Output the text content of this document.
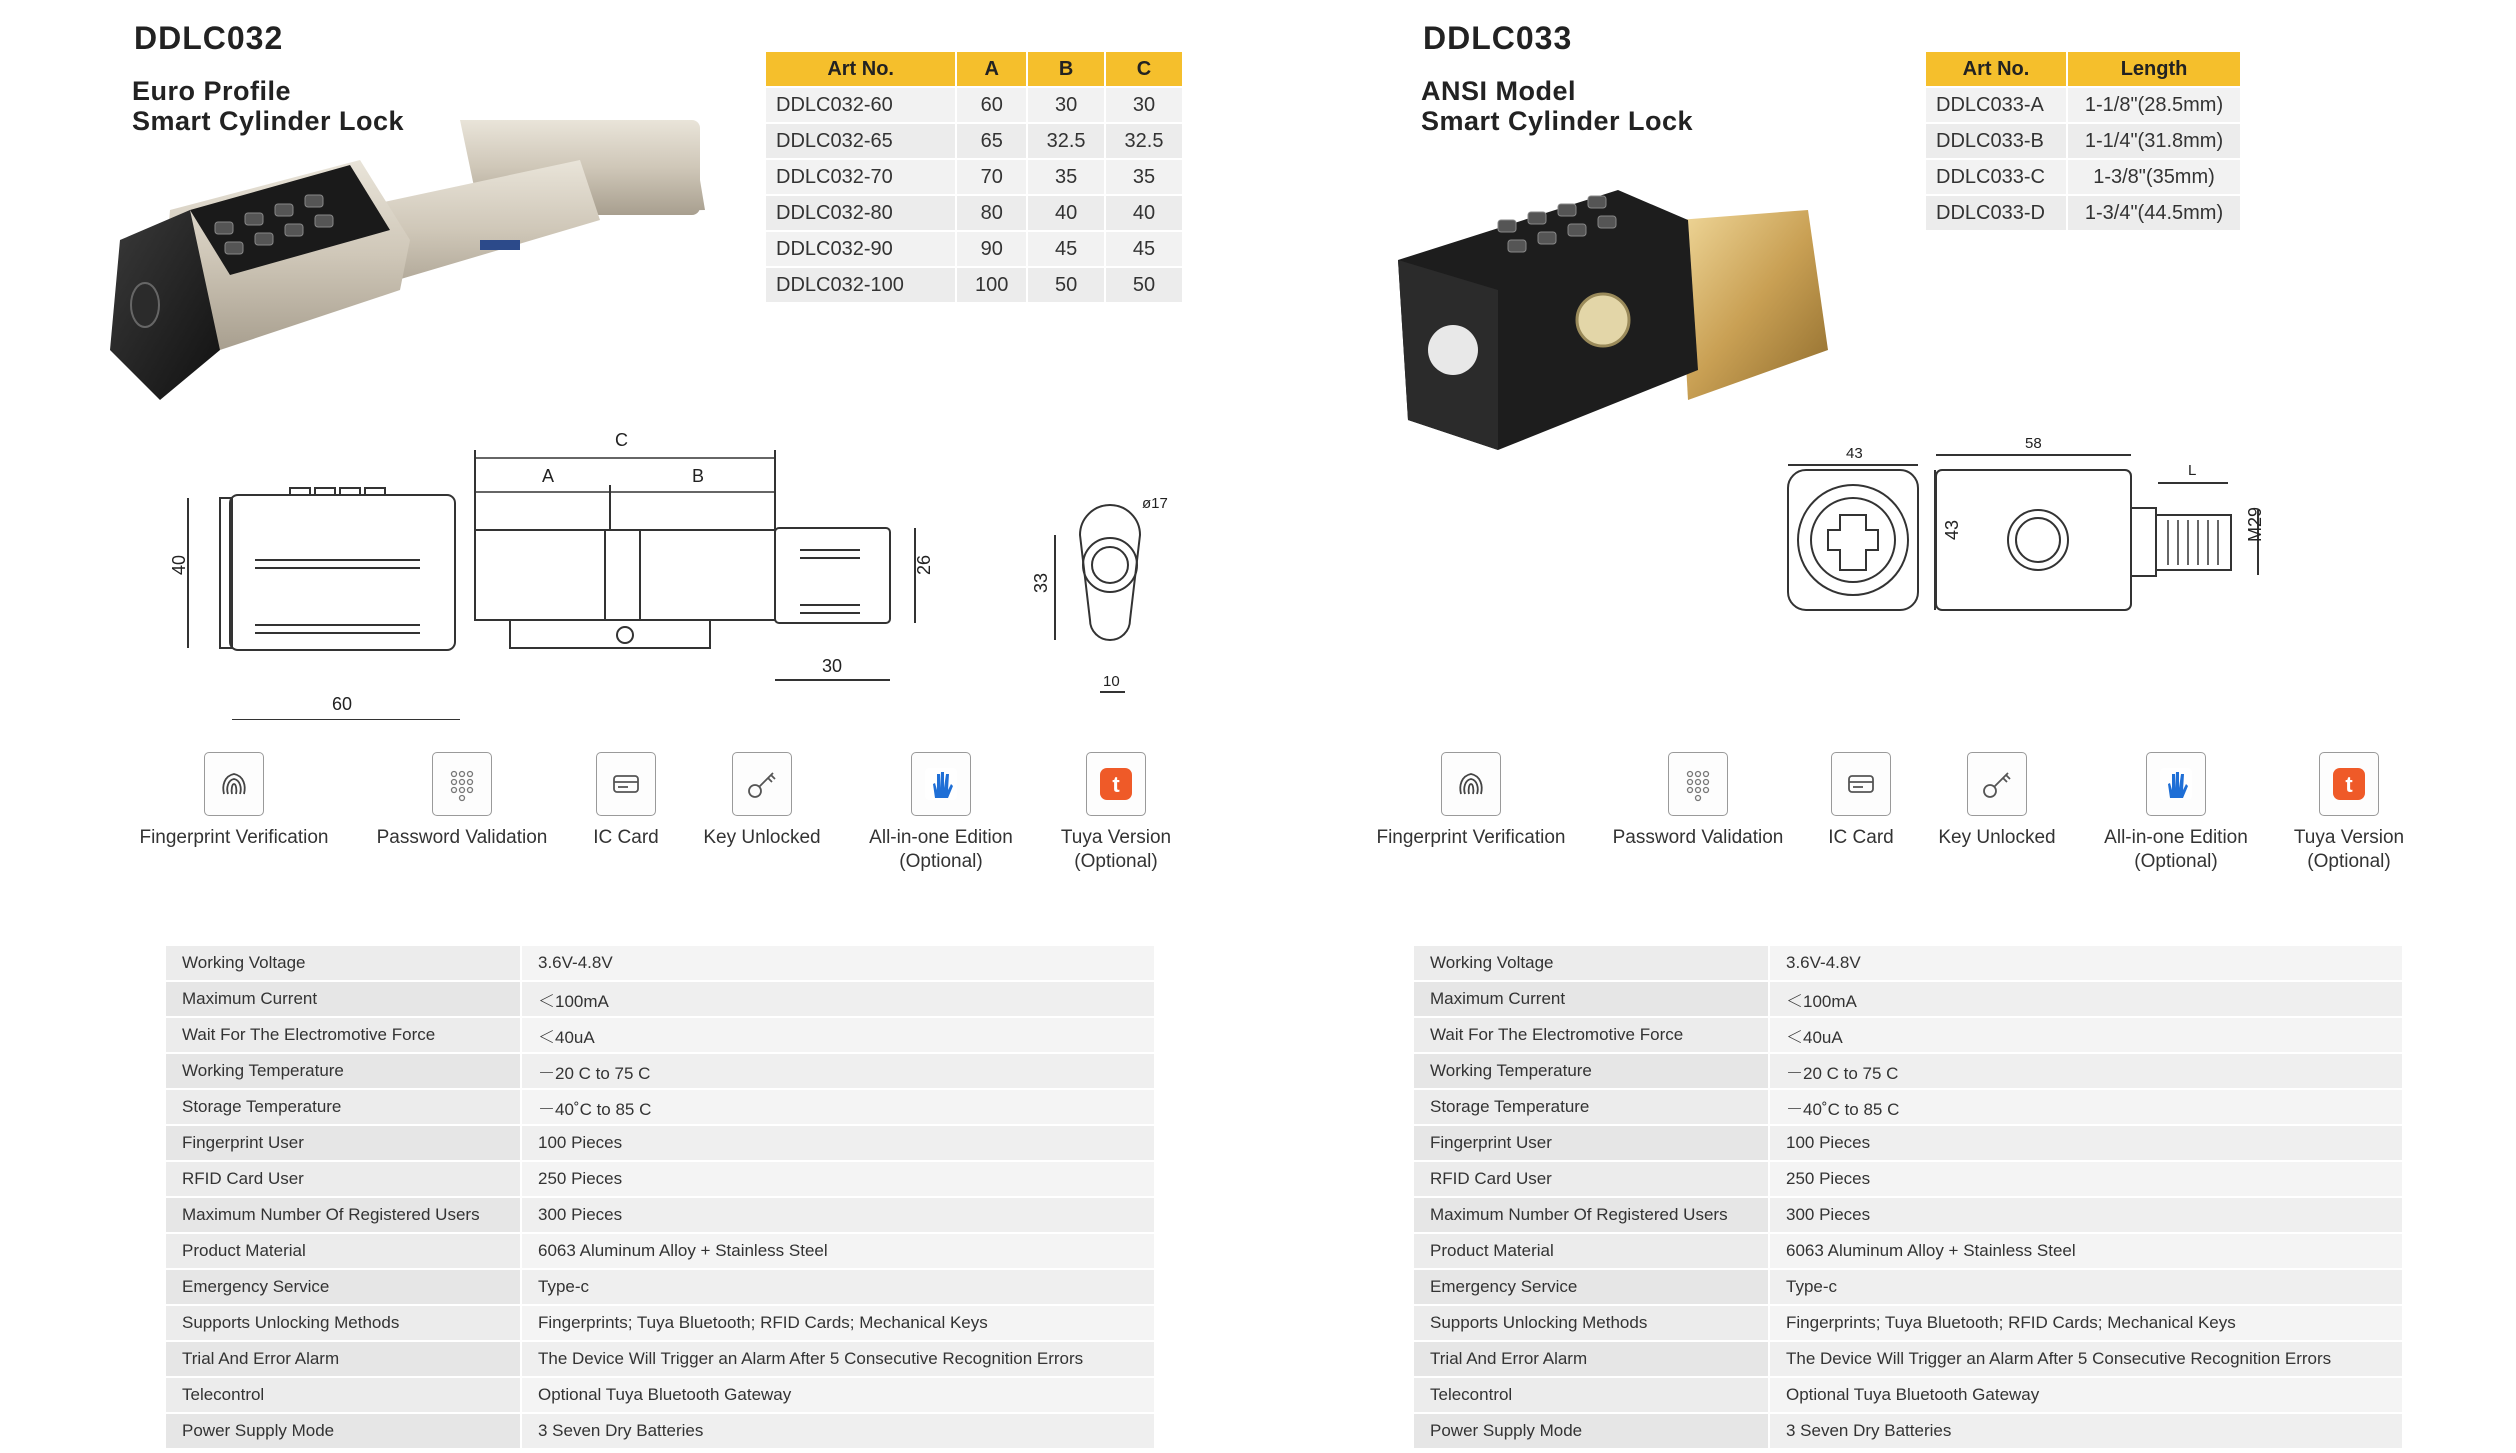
DDLC032
Euro Profile
Smart Cylinder Lock
Art No.	A	B	C
DDLC032-60	60	30	30
DDLC032-65	65	32.5	32.5
DDLC032-70	70	35	35
DDLC032-80	80	40	40
DDLC032-90	90	45	45
DDLC032-100	100	50	50
C
A	B
40
60
26
30
33
ø17
10
Fingerprint Verification	Password Validation	IC Card	Key Unlocked	All-in-one Edition
(Optional)
t
Tuya Version
(Optional)
Working Voltage	3.6V-4.8V
Maximum Current	＜100mA
Wait For The Electromotive Force	＜40uA
Working Temperature	－20 C to 75 C
Storage Temperature	－40˚C to 85 C
Fingerprint User	100 Pieces
RFID Card User	250 Pieces
Maximum Number Of Registered Users	300 Pieces
Product Material	6063 Aluminum Alloy + Stainless Steel
Emergency Service	Type-c
Supports Unlocking Methods	Fingerprints; Tuya Bluetooth; RFID Cards; Mechanical Keys
Trial And Error Alarm	The Device Will Trigger an Alarm After 5 Consecutive Recognition Errors
Telecontrol	Optional Tuya Bluetooth Gateway
Power Supply Mode	3 Seven Dry Batteries
DDLC033
ANSI Model
Smart Cylinder Lock
Art No.	Length
DDLC033-A	1-1/8"(28.5mm)
DDLC033-B	1-1/4"(31.8mm)
DDLC033-C	1-3/8"(35mm)
DDLC033-D	1-3/4"(44.5mm)
43
43
58
L
M29
Fingerprint Verification	Password Validation	IC Card	Key Unlocked	All-in-one Edition
(Optional)
t
Tuya Version
(Optional)
Working Voltage	3.6V-4.8V
Maximum Current	＜100mA
Wait For The Electromotive Force	＜40uA
Working Temperature	－20 C to 75 C
Storage Temperature	－40˚C to 85 C
Fingerprint User	100 Pieces
RFID Card User	250 Pieces
Maximum Number Of Registered Users	300 Pieces
Product Material	6063 Aluminum Alloy + Stainless Steel
Emergency Service	Type-c
Supports Unlocking Methods	Fingerprints; Tuya Bluetooth; RFID Cards; Mechanical Keys
Trial And Error Alarm	The Device Will Trigger an Alarm After 5 Consecutive Recognition Errors
Telecontrol	Optional Tuya Bluetooth Gateway
Power Supply Mode	3 Seven Dry Batteries
